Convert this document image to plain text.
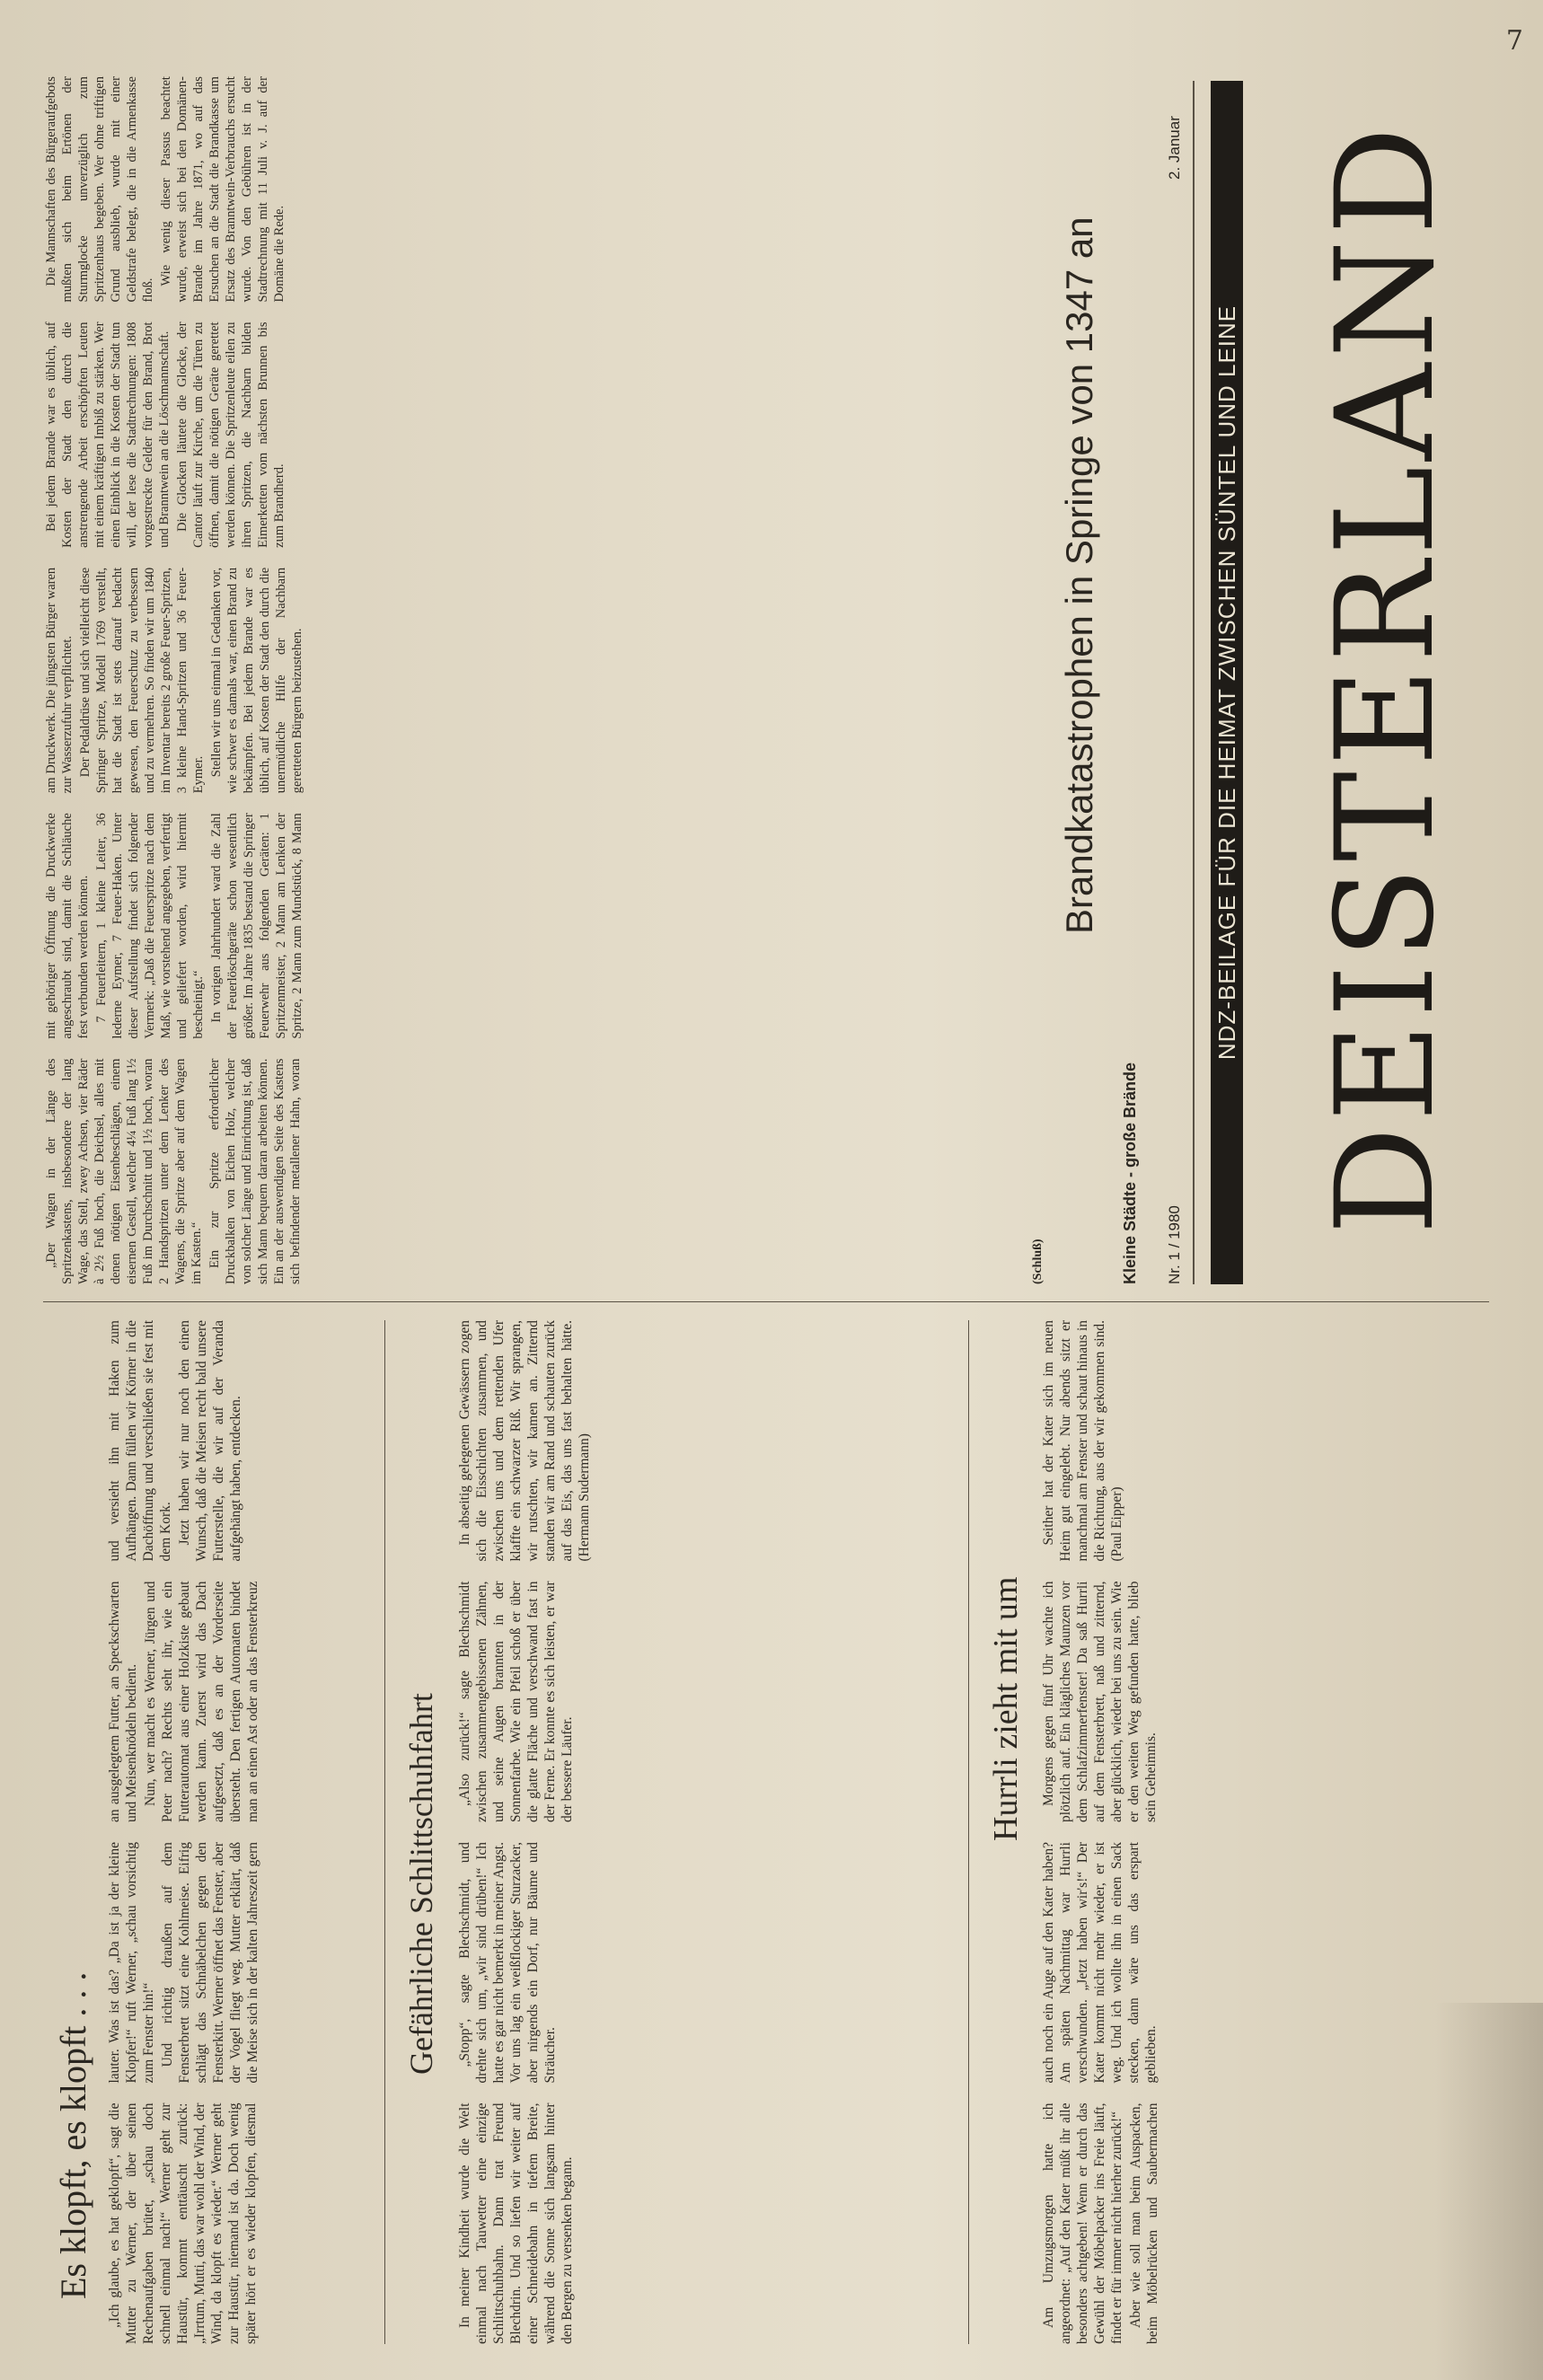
7
Es klopft, es klopft . . . „Ich glaube, es hat geklopft“, sagt die Mutter zu Werner, der über seinen Rechenaufgaben brütet, „schau doch schnell einmal nach!“ Werner geht zur Haustür, kommt enttäuscht zurück: „Irrtum, Mutti, das war wohl der Wind, der Wind, da klopft es wieder.“ Werner geht zur Haustür, niemand ist da. Doch wenig später hört er es wieder klopfen, diesmal lauter. Was ist das? „Da ist ja der kleine Klopfer!“ ruft Werner, „schau vorsichtig zum Fenster hin!“ Und richtig draußen auf dem Fensterbrett sitzt eine Kohlmeise. Eifrig schlägt das Schnäbelchen gegen den Fensterkitt. Werner öffnet das Fenster, aber der Vogel fliegt weg. Mutter erklärt, daß die Meise sich in der kalten Jahreszeit gern an ausgelegtem Futter, an Speckschwarten und Meisenknödeln bedient. Nun, wer macht es Werner, Jürgen und Peter nach? Rechts seht ihr, wie ein Futterautomat aus einer Holzkiste gebaut werden kann. Zuerst wird das Dach aufgesetzt, daß es an der Vorderseite übersteht. Den fertigen Automaten bindet man an einen Ast oder an das Fensterkreuz und versieht ihn mit Haken zum Aufhängen. Dann füllen wir Körner in die Dachöffnung und verschließen sie fest mit dem Kork. Jetzt haben wir nur noch den einen Wunsch, daß die Meisen recht bald unsere Futterstelle, die wir auf der Veranda aufgehängt haben, entdecken.

Gefährliche Schlittschuhfahrt

In meiner Kindheit wurde die Welt einmal nach Tauwetter eine einzige Schlittschuhbahn. Dann trat Freund Blechdrin. Und so liefen wir weiter auf einer Schneidebahn in tiefem Breite, während die Sonne sich langsam hinter den Bergen zu versenken begann.

„Stopp“, sagte Blechschmidt, und drehte sich um, „wir sind drüben!“ Ich hatte es gar nicht bemerkt in meiner Angst. Vor uns lag ein weißflockiger Sturzacker, aber nirgends ein Dorf, nur Bäume und Sträucher.

„Also zurück!“ sagte Blechschmidt zwischen zusammengebissenen Zähnen, und seine Augen brannten in der Sonnenfarbe. Wie ein Pfeil schoß er über die glatte Fläche und verschwand fast in der Ferne. Er konnte es sich leisten, er war der bessere Läufer.

In abseitig gelegenen Gewässern zogen sich die Eisschichten zusammen, und zwischen uns und dem rettenden Ufer klaffte ein schwarzer Riß. Wir sprangen, wir rutschten, wir kamen an. Zitternd standen wir am Rand und schauten zurück auf das Eis, das uns fast behalten hätte. (Hermann Sudermann)

Hurrli zieht mit um

Am Umzugsmorgen hatte ich angeordnet: „Auf den Kater müßt ihr alle besonders achtgeben! Wenn er durch das Gewühl der Möbelpacker ins Freie läuft, findet er für immer nicht hierher zurück!“ Aber wie soll man beim Auspacken, beim Möbelrücken und Saubermachen auch noch ein Auge auf den Kater haben? Am späten Nachmittag war Hurrli verschwunden. „Jetzt haben wir's!“ Der Kater kommt nicht mehr wieder, er ist weg. Und ich wollte ihn in einen Sack stecken, dann wäre uns das erspart geblieben.

Morgens gegen fünf Uhr wachte ich plötzlich auf. Ein klägliches Maunzen vor dem Schlafzimmerfenster! Da saß Hurrli auf dem Fensterbrett, naß und zitternd, aber glücklich, wieder bei uns zu sein. Wie er den weiten Weg gefunden hatte, blieb sein Geheimnis.

Seither hat der Kater sich im neuen Heim gut eingelebt. Nur abends sitzt er manchmal am Fenster und schaut hinaus in die Richtung, aus der wir gekommen sind. (Paul Eipper)

Nr. 1 / 1980
2. Januar DEISTERLAND
NDZ-BEILAGE FÜR DIE HEIMAT ZWISCHEN SÜNTEL UND LEINE
Kleine Städte - große Brände
Brandkatastrophen in Springe von 1347 an
(Schluß)

„Der Wagen in der Länge des Spritzenkastens, insbesondere der lang Wage, das Stell, zwey Achsen, vier Räder à 2½ Fuß hoch, die Deichsel, alles mit denen nötigen Eisenbeschlägen, einem eisernen Gestell, welcher 4¼ Fuß lang 1½ Fuß im Durchschnitt und 1½ hoch, woran 2 Handspritzen unter dem Lenker des Wagens, die Spritze aber auf dem Wagen im Kasten.“ Ein zur Spritze erforderlicher Druckbalken von Eichen Holz, welcher von solcher Länge und Einrichtung ist, daß sich Mann bequem daran arbeiten können. Ein an der auswendigen Seite des Kastens sich befindender metallener Hahn, woran mit gehöriger Öffnung die Druckwerke angeschraubt sind, damit die Schläuche fest verbunden werden können. 7 Feuerleitern, 1 kleine Leiter, 36 lederne Eymer, 7 Feuer-Haken. Unter dieser Aufstellung findet sich folgender Vermerk: „Daß die Feuerspritze nach dem Maß, wie vorstehend angegeben, verfertigt und geliefert worden, wird hiermit bescheinigt.“ In vorigen Jahrhundert ward die Zahl der Feuerlöschgeräte schon wesentlich größer. Im Jahre 1835 bestand die Springer Feuerwehr aus folgenden Geräten: 1 Spritzenmeister, 2 Mann am Lenken der Spritze, 2 Mann zum Mundstück, 8 Mann am Druckwerk. Die jüngsten Bürger waren zur Wasserzufuhr verpflichtet. Der Pedaldrüse und sich vielleicht diese Springer Spritze, Modell 1769 verstellt, hat die Stadt ist stets darauf bedacht gewesen, den Feuerschutz zu verbessern und zu vermehren. So finden wir um 1840 im Inventar bereits 2 große Feuer-Spritzen, 3 kleine Hand-Spritzen und 36 Feuer-Eymer. Stellen wir uns einmal in Gedanken vor, wie schwer es damals war, einen Brand zu bekämpfen. Bei jedem Brande war es üblich, auf Kosten der Stadt den durch die unermüdliche Hilfe der Nachbarn geretteten Bürgern beizustehen.

Bei jedem Brande war es üblich, auf Kosten der Stadt den durch die anstrengende Arbeit erschöpften Leuten mit einem kräftigen Imbiß zu stärken. Wer einen Einblick in die Kosten der Stadt tun will, der lese die Stadtrechnungen: 1808 vorgestreckte Gelder für den Brand, Brot und Branntwein an die Löschmannschaft. Die Glocken läutete die Glocke, der Cantor läuft zur Kirche, um die Türen zu öffnen, damit die nötigen Geräte gerettet werden können. Die Spritzenleute eilen zu ihren Spritzen, die Nachbarn bilden Eimerketten vom nächsten Brunnen bis zum Brandherd.

Die Mannschaften des Bürgeraufgebots mußten sich beim Ertönen der Sturmglocke unverzüglich zum Spritzenhaus begeben. Wer ohne triftigen Grund ausblieb, wurde mit einer Geldstrafe belegt, die in die Armenkasse floß.

Wie wenig dieser Passus beachtet wurde, erweist sich bei den Domänen-Brande im Jahre 1871, wo auf das Ersuchen an die Stadt die Brandkasse um Ersatz des Branntwein-Verbrauchs ersucht wurde. Von den Gebühren ist in der Stadtrechnung mit 11 Juli v. J. auf der Domäne die Rede.
